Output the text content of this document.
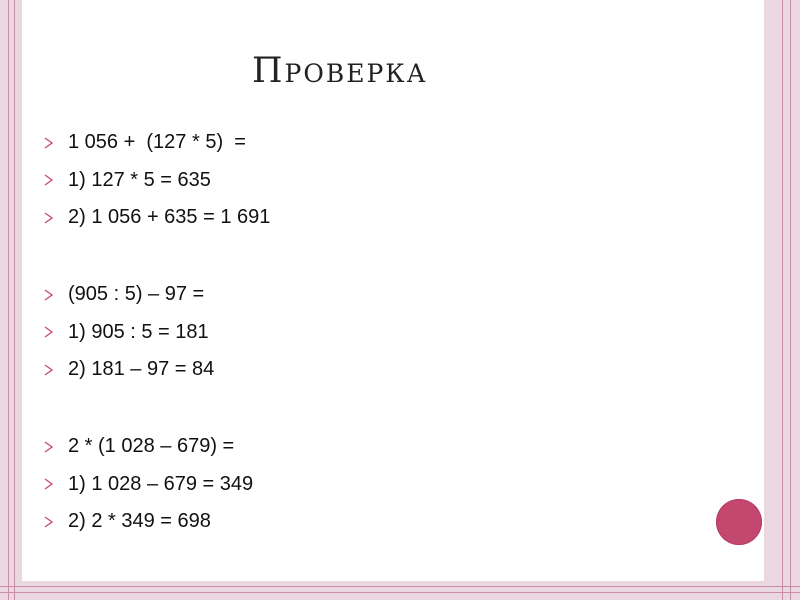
Проверка
1 056 +  (127 * 5)  =
1) 127 * 5 = 635
2) 1 056 + 635 = 1 691
(905 : 5) – 97 =
1) 905 : 5 = 181
2) 181 – 97 = 84
2 * (1 028 – 679) =
1) 1 028 – 679 = 349
2) 2 * 349 = 698
